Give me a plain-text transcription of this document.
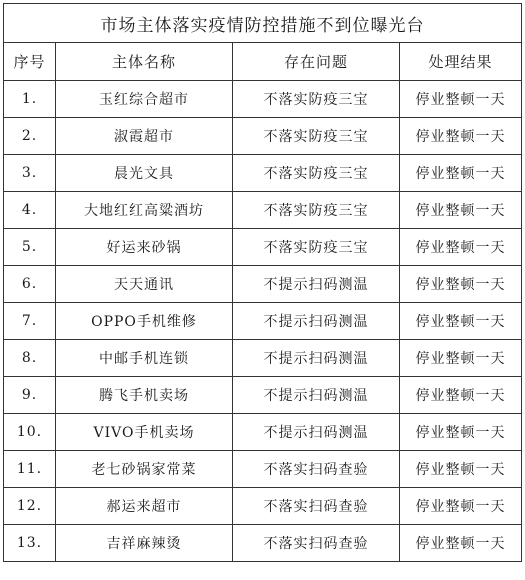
市场主体落实疫情防控措施不到位曝光台			
序号	主体名称	存在问题	处理结果
1.	玉红综合超市	不落实防疫三宝	停业整顿一天
2.	淑霞超市	不落实防疫三宝	停业整顿一天
3.	晨光文具	不落实防疫三宝	停业整顿一天
4.	大地红红高粱酒坊	不落实防疫三宝	停业整顿一天
5.	好运来砂锅	不落实防疫三宝	停业整顿一天
6.	天天通讯	不提示扫码测温	停业整顿一天
7.	OPPO手机维修	不提示扫码测温	停业整顿一天
8.	中邮手机连锁	不提示扫码测温	停业整顿一天
9.	腾飞手机卖场	不提示扫码测温	停业整顿一天
10.	VIVO手机卖场	不提示扫码测温	停业整顿一天
11.	老七砂锅家常菜	不落实扫码查验	停业整顿一天
12.	郝运来超市	不落实扫码查验	停业整顿一天
13.	吉祥麻辣烫	不落实扫码查验	停业整顿一天
